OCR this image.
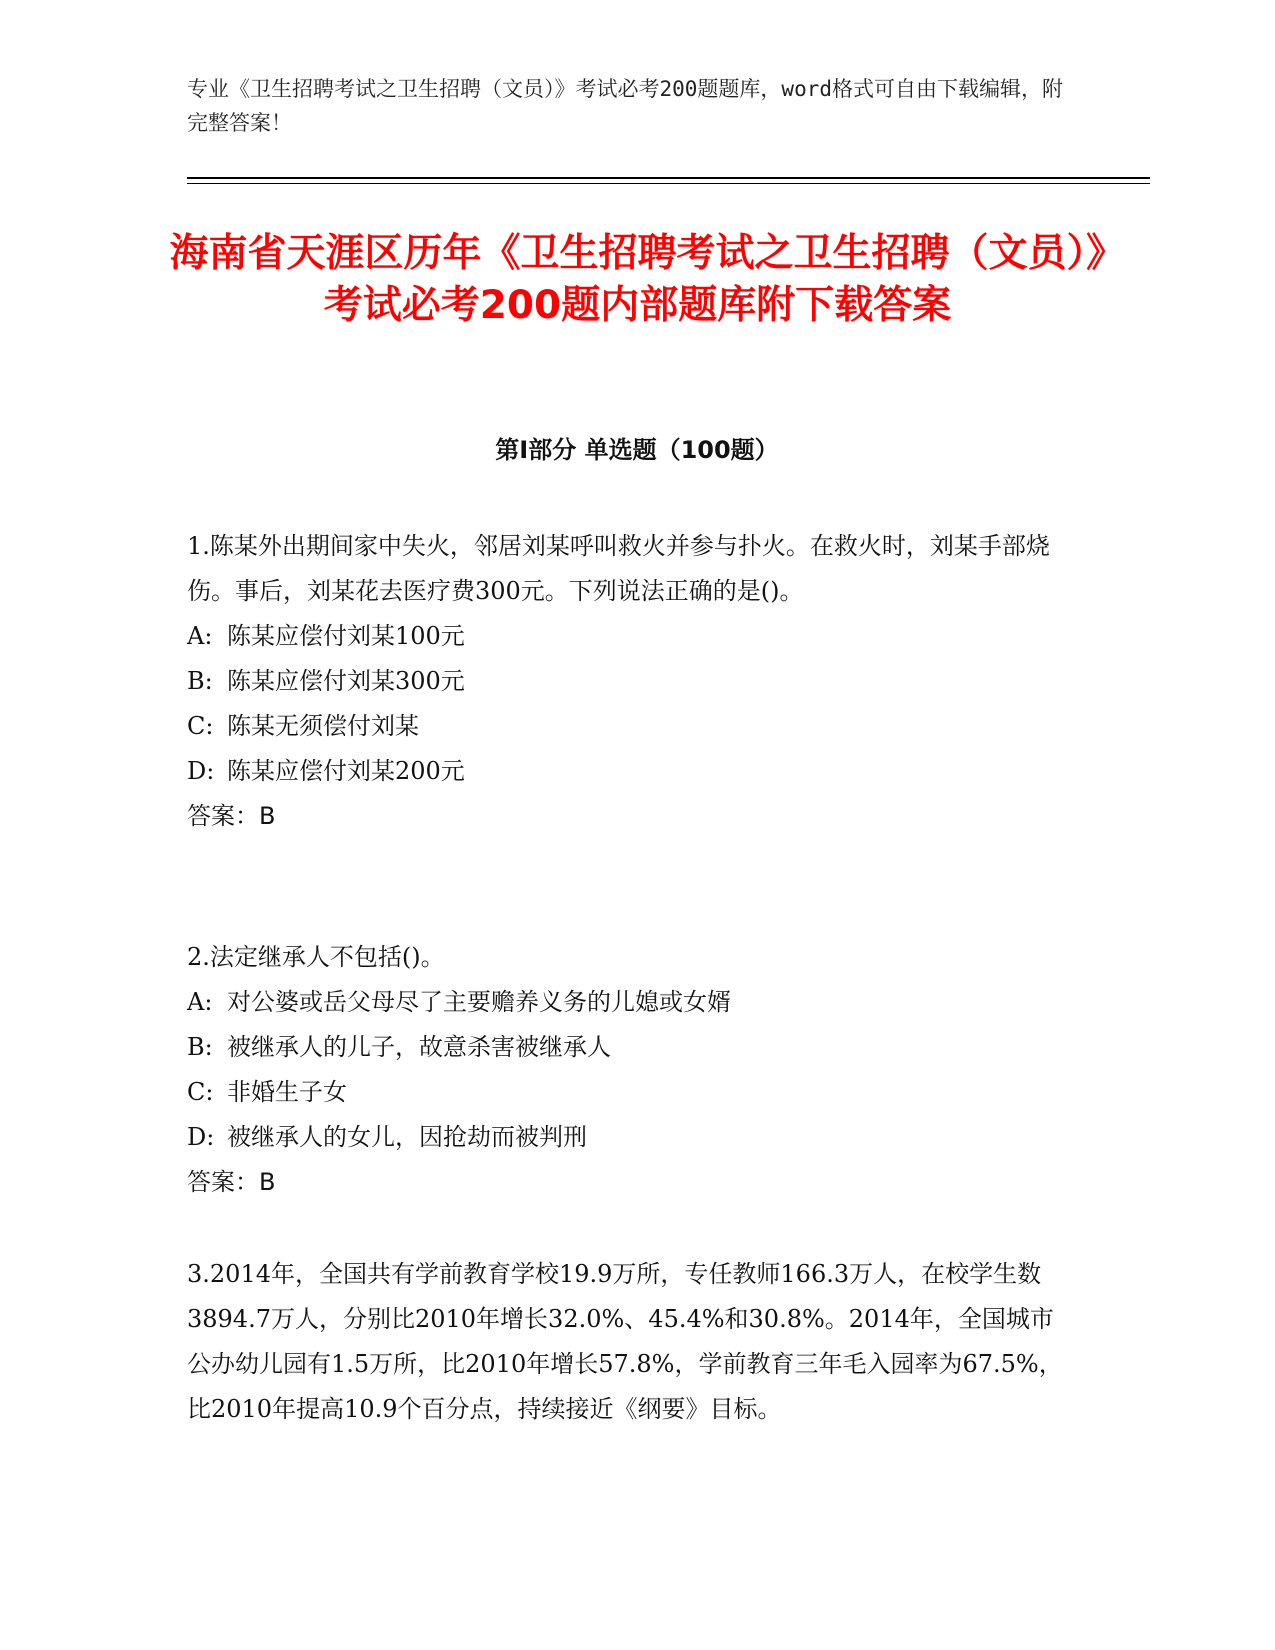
专业《卫生招聘考试之卫生招聘（文员）》考试必考200题题库，word格式可自由下载编辑，附完整答案！
海南省天涯区历年《卫生招聘考试之卫生招聘（文员）》考试必考200题内部题库附下载答案
第I部分 单选题（100题）

1.陈某外出期间家中失火，邻居刘某呼叫救火并参与扑火。在救火时，刘某手部烧伤。事后，刘某花去医疗费300元。下列说法正确的是()。

A: 陈某应偿付刘某100元

B: 陈某应偿付刘某300元

C: 陈某无须偿付刘某

D: 陈某应偿付刘某200元

答案：B

2.法定继承人不包括()。

A: 对公婆或岳父母尽了主要赡养义务的儿媳或女婿

B: 被继承人的儿子，故意杀害被继承人

C: 非婚生子女

D: 被继承人的女儿，因抢劫而被判刑

答案：B

3.2014年，全国共有学前教育学校19.9万所，专任教师166.3万人，在校学生数3894.7万人，分别比2010年增长32.0%、45.4%和30.8%。2014年，全国城市公办幼儿园有1.5万所，比2010年增长57.8%，学前教育三年毛入园率为67.5%，比2010年提高10.9个百分点，持续接近《纲要》目标。
